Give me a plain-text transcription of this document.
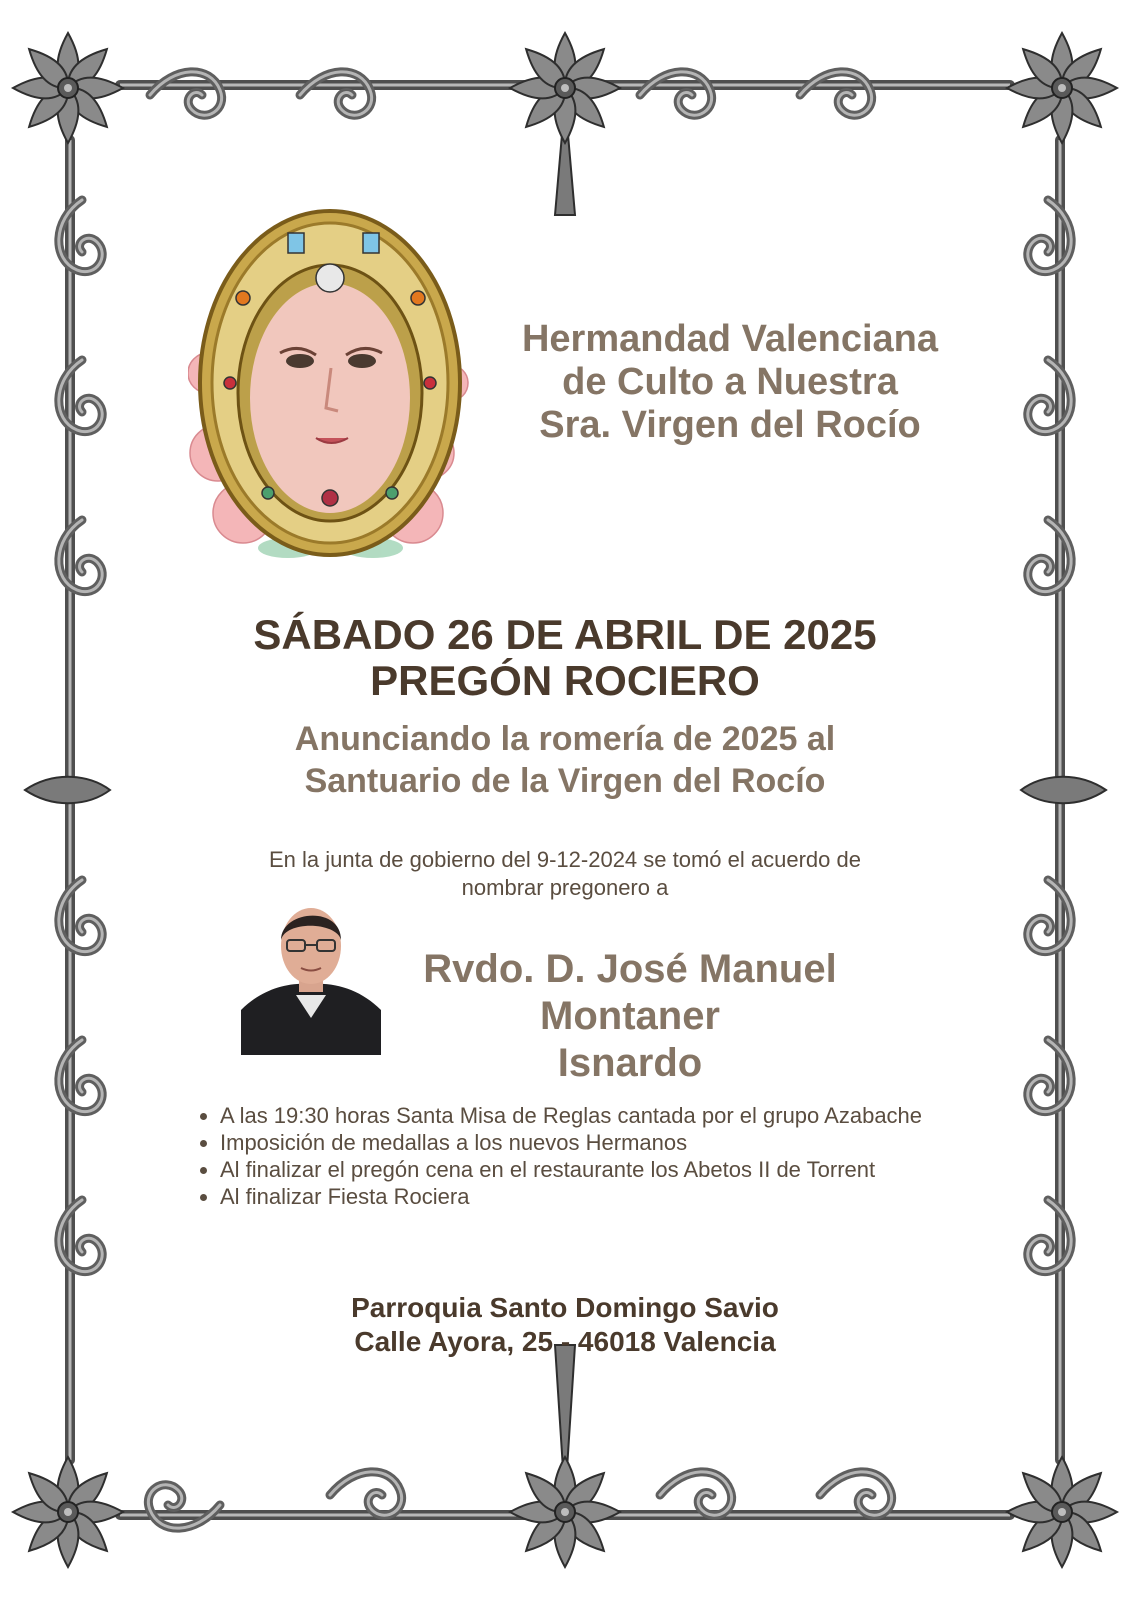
Hermandad Valenciana
de Culto a Nuestra
Sra. Virgen del Rocío
SÁBADO 26 DE ABRIL DE 2025
PREGÓN ROCIERO
Anunciando la romería de 2025 al
Santuario de la Virgen del Rocío
En la junta de gobierno del 9-12-2024 se tomó el acuerdo de
nombrar pregonero a
Rvdo. D. José Manuel
Montaner
Isnardo
• A las 19:30 horas Santa Misa de Reglas cantada por el grupo Azabache
• Imposición de medallas a los nuevos Hermanos
• Al finalizar el pregón cena en el restaurante los Abetos II de Torrent
• Al finalizar Fiesta Rociera
Parroquia Santo Domingo Savio
Calle Ayora, 25 - 46018 Valencia
